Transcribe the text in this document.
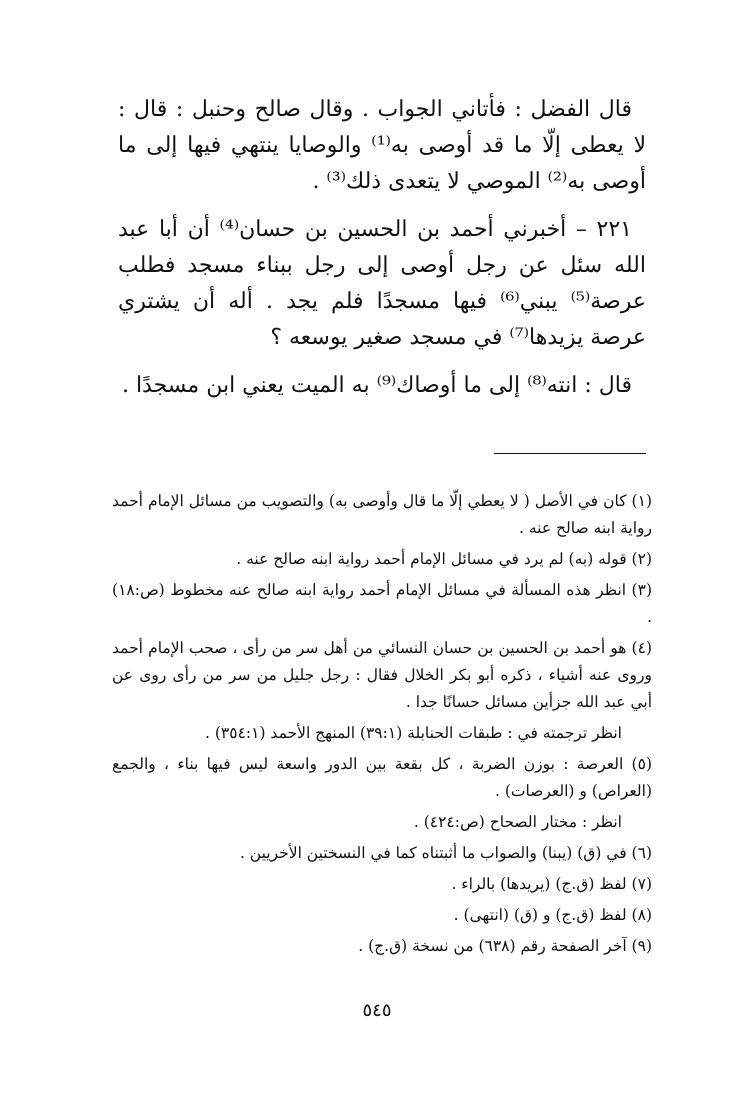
قال الفضل : فأتاني الجواب . وقال صالح وحنبل : قال : لا يعطى إلّا ما قد أوصى به⁽¹⁾ والوصايا ينتهي فيها إلى ما أوصى به⁽²⁾ الموصي لا يتعدى ذلك⁽³⁾ .

٢٢١ – أخبرني أحمد بن الحسين بن حسان⁽⁴⁾ أن أبا عبد الله سئل عن رجل أوصى إلى رجل ببناء مسجد فطلب عرصة⁽⁵⁾ يبني⁽⁶⁾ فيها مسجدًا فلم يجد . أله أن يشتري عرصة يزيدها⁽⁷⁾ في مسجد صغير يوسعه ؟

قال : انته⁽⁸⁾ إلى ما أوصاك⁽⁹⁾ به الميت يعني ابن مسجدًا .

(١) كان في الأصل ( لا يعطي إلّا ما قال وأوصى به) والتصويب من مسائل الإمام أحمد رواية ابنه صالح عنه .

(٢) قوله (به) لم يرد في مسائل الإمام أحمد رواية ابنه صالح عنه .

(٣) انظر هذه المسألة في مسائل الإمام أحمد رواية ابنه صالح عنه مخطوط (ص:١٨) .

(٤) هو أحمد بن الحسين بن حسان النسائي من أهل سر من رأى ، صحب الإمام أحمد وروى عنه أشياء ، ذكره أبو بكر الخلال فقال : رجل جليل من سر من رأى روى عن أبي عبد الله جزأين مسائل حسانًا جدا .

انظر ترجمته في : طبقات الحنابلة (٣٩:١) المنهج الأحمد (٣٥٤:١) .

(٥) العرصة : بوزن الضربة ، كل بقعة بين الدور واسعة ليس فيها بناء ، والجمع (العراص) و (العرصات) .

انظر : مختار الصحاح (ص:٤٢٤) .

(٦) في (ق) (يبنا) والصواب ما أثبتناه كما في النسختين الأخريين .

(٧) لفظ (ق.ج) (يريدها) بالراء .

(٨) لفظ (ق.ج) و (ق) (انتهى) .

(٩) آخر الصفحة رقم (٦٣٨) من نسخة (ق.ج) .

٥٤٥
